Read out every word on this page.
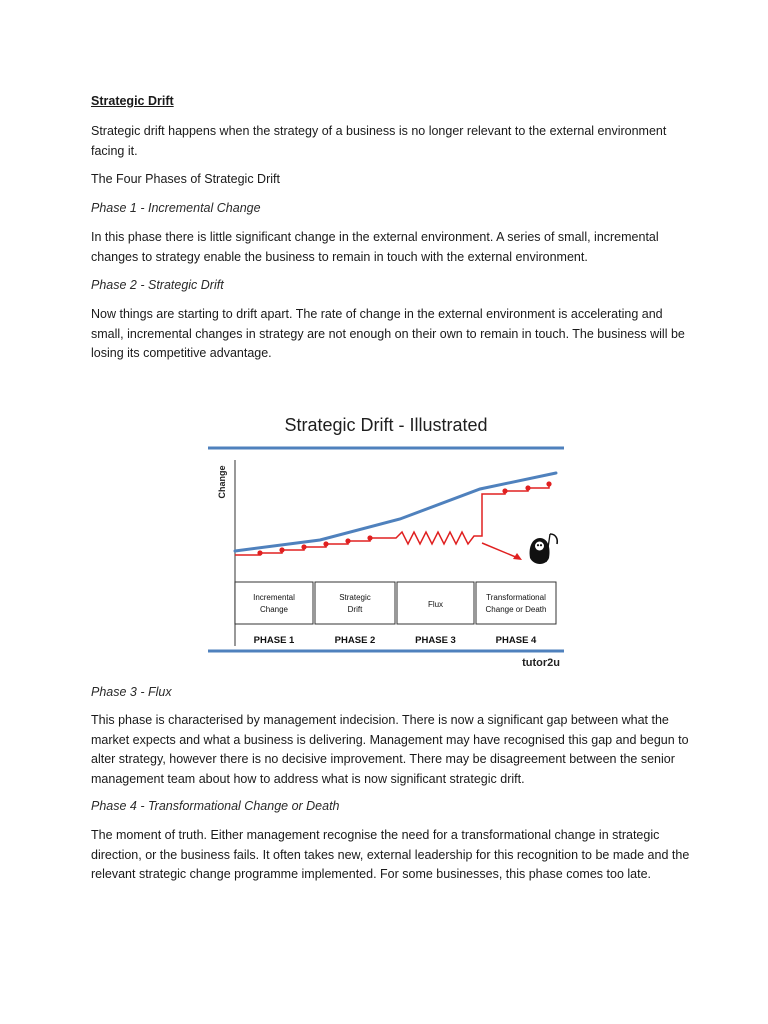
Strategic Drift

Strategic drift happens when the strategy of a business is no longer relevant to the external environment facing it.

The Four Phases of Strategic Drift

Phase 1 - Incremental Change

In this phase there is little significant change in the external environment. A series of small, incremental changes to strategy enable the business to remain in touch with the external environment.

Phase 2 - Strategic Drift

Now things are starting to drift apart. The rate of change in the external environment is accelerating and small, incremental changes in strategy are not enough on their own to remain in touch. The business will be losing its competitive advantage.

Strategic Drift - Illustrated
Change
Incremental
Change
Strategic
Drift
Flux
Transformational
Change or Death
PHASE 1	PHASE 2	PHASE 3	PHASE 4
tutor2u

Phase 3 - Flux

This phase is characterised by management indecision. There is now a significant gap between what the market expects and what a business is delivering. Management may have recognised this gap and begun to alter strategy, however there is no decisive improvement. There may be disagreement between the senior management team about how to address what is now significant strategic drift.

Phase 4 - Transformational Change or Death

The moment of truth. Either management recognise the need for a transformational change in strategic direction, or the business fails. It often takes new, external leadership for this recognition to be made and the relevant strategic change programme implemented. For some businesses, this phase comes too late.
